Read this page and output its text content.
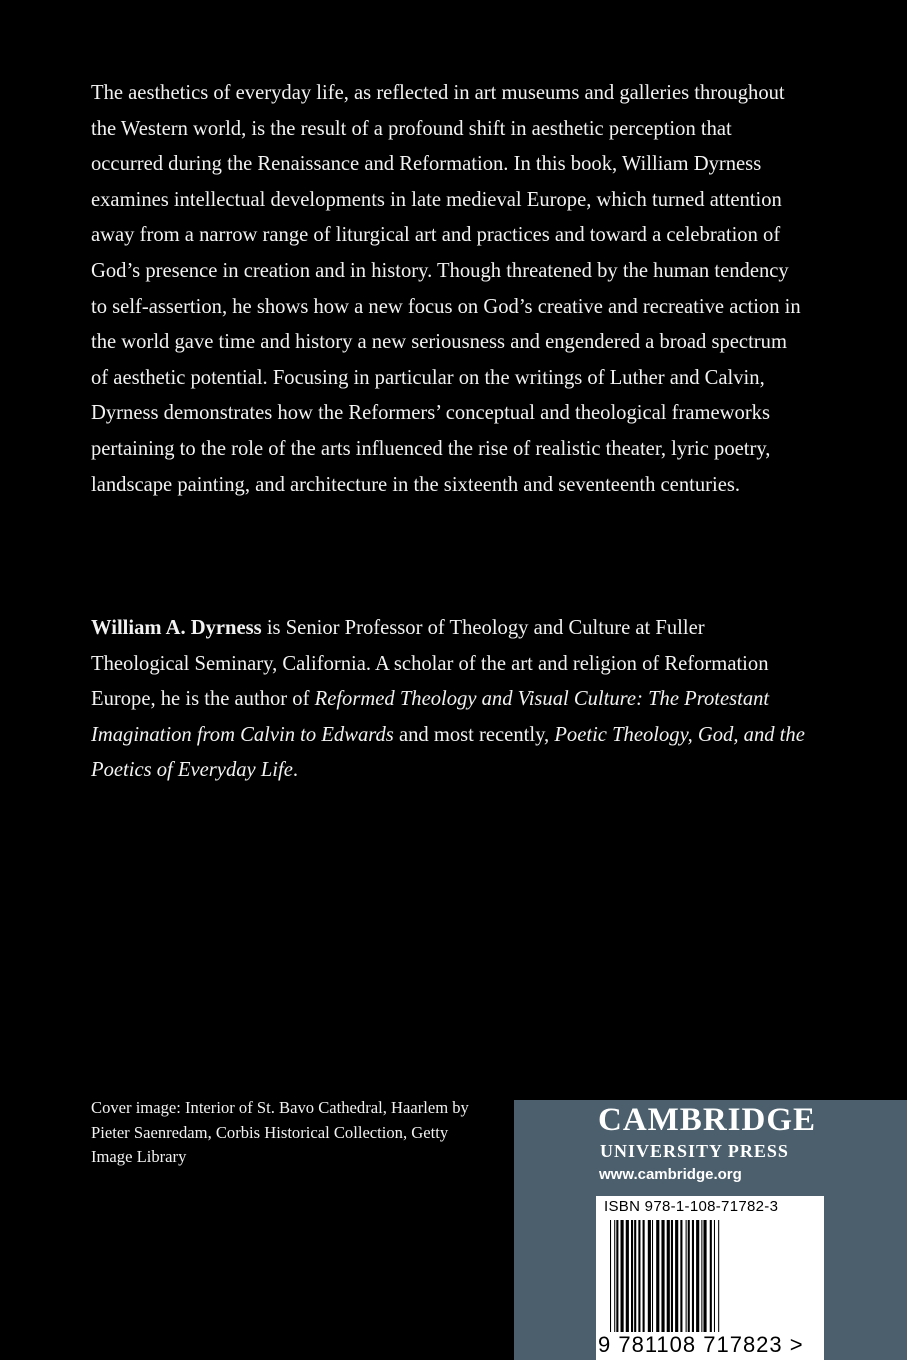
The aesthetics of everyday life, as reflected in art museums and galleries throughout the Western world, is the result of a profound shift in aesthetic perception that occurred during the Renaissance and Reformation. In this book, William Dyrness examines intellectual developments in late medieval Europe, which turned attention away from a narrow range of liturgical art and practices and toward a celebration of God’s presence in creation and in history. Though threatened by the human tendency to self-assertion, he shows how a new focus on God’s creative and recreative action in the world gave time and history a new seriousness and engendered a broad spectrum of aesthetic potential. Focusing in particular on the writings of Luther and Calvin, Dyrness demonstrates how the Reformers’ conceptual and theological frameworks pertaining to the role of the arts influenced the rise of realistic theater, lyric poetry, landscape painting, and architecture in the sixteenth and seventeenth centuries.

William A. Dyrness is Senior Professor of Theology and Culture at Fuller Theological Seminary, California. A scholar of the art and religion of Reformation Europe, he is the author of Reformed Theology and Visual Culture: The Protestant Imagination from Calvin to Edwards and most recently, Poetic Theology, God, and the Poetics of Everyday Life.

Cover image: Interior of St. Bavo Cathedral, Haarlem by Pieter Saenredam, Corbis Historical Collection, Getty Image Library

CAMBRIDGE
UNIVERSITY PRESS
www.cambridge.org
ISBN 978-1-108-71782-3
9 781108 717823 >
